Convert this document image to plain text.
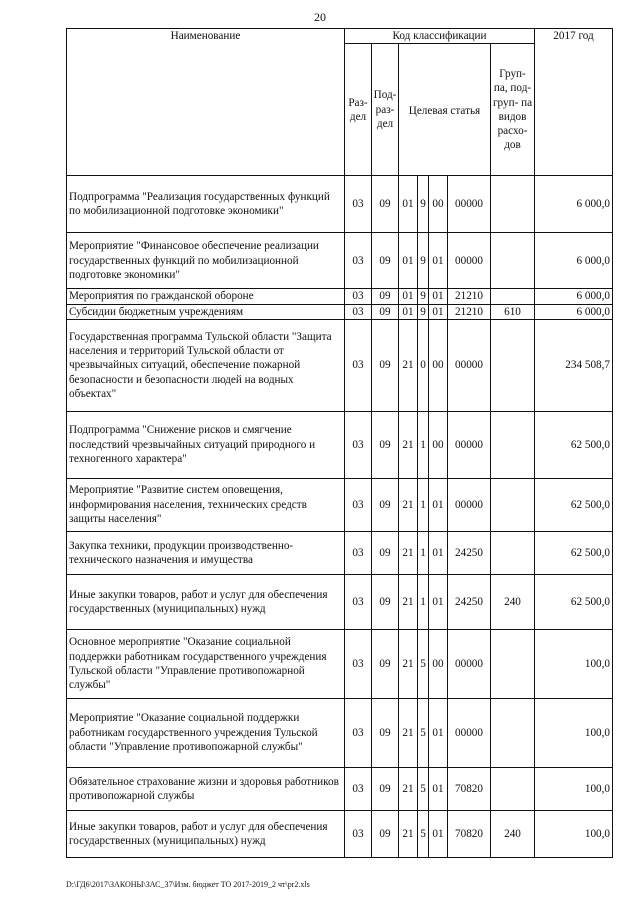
20
Наименование	Код классификации							2017 год
	Раз- дел	Под- раз- дел	Целевая статья				Груп- па, под- груп- па видов расхо- дов	
Подпрограмма "Реализация государственных функций по мобилизационной подготовке экономики"	03	09	01	9	00	00000		6 000,0
Мероприятие "Финансовое обеспечение реализации государственных функций по мобилизационной подготовке экономики"	03	09	01	9	01	00000		6 000,0
Мероприятия по гражданской обороне	03	09	01	9	01	21210		6 000,0
Субсидии бюджетным учреждениям	03	09	01	9	01	21210	610	6 000,0
Государственная программа Тульской области "Защита населения и территорий Тульской области от чрезвычайных ситуаций, обеспечение пожарной безопасности и безопасности людей на водных объектах"	03	09	21	0	00	00000		234 508,7
Подпрограмма "Снижение рисков и смягчение последствий чрезвычайных ситуаций природного и техногенного характера"	03	09	21	1	00	00000		62 500,0
Мероприятие "Развитие систем оповещения, информирования населения, технических средств защиты населения"	03	09	21	1	01	00000		62 500,0
Закупка техники, продукции производственно-технического назначения и имущества	03	09	21	1	01	24250		62 500,0
Иные закупки товаров, работ и услуг для обеспечения государственных (муниципальных) нужд	03	09	21	1	01	24250	240	62 500,0
Основное мероприятие "Оказание социальной поддержки работникам государственного учреждения Тульской области "Управление противопожарной службы"	03	09	21	5	00	00000		100,0
Мероприятие "Оказание социальной поддержки работникам государственного учреждения Тульской области "Управление противопожарной службы"	03	09	21	5	01	00000		100,0
Обязательное страхование жизни и здоровья работников противопожарной службы	03	09	21	5	01	70820		100,0
Иные закупки товаров, работ и услуг для обеспечения государственных (муниципальных) нужд	03	09	21	5	01	70820	240	100,0
D:\ГД6\2017\ЗАКОНЫ\ЗАС_37\Изм. бюджет ТО 2017-2019_2 чт\pr2.xls
